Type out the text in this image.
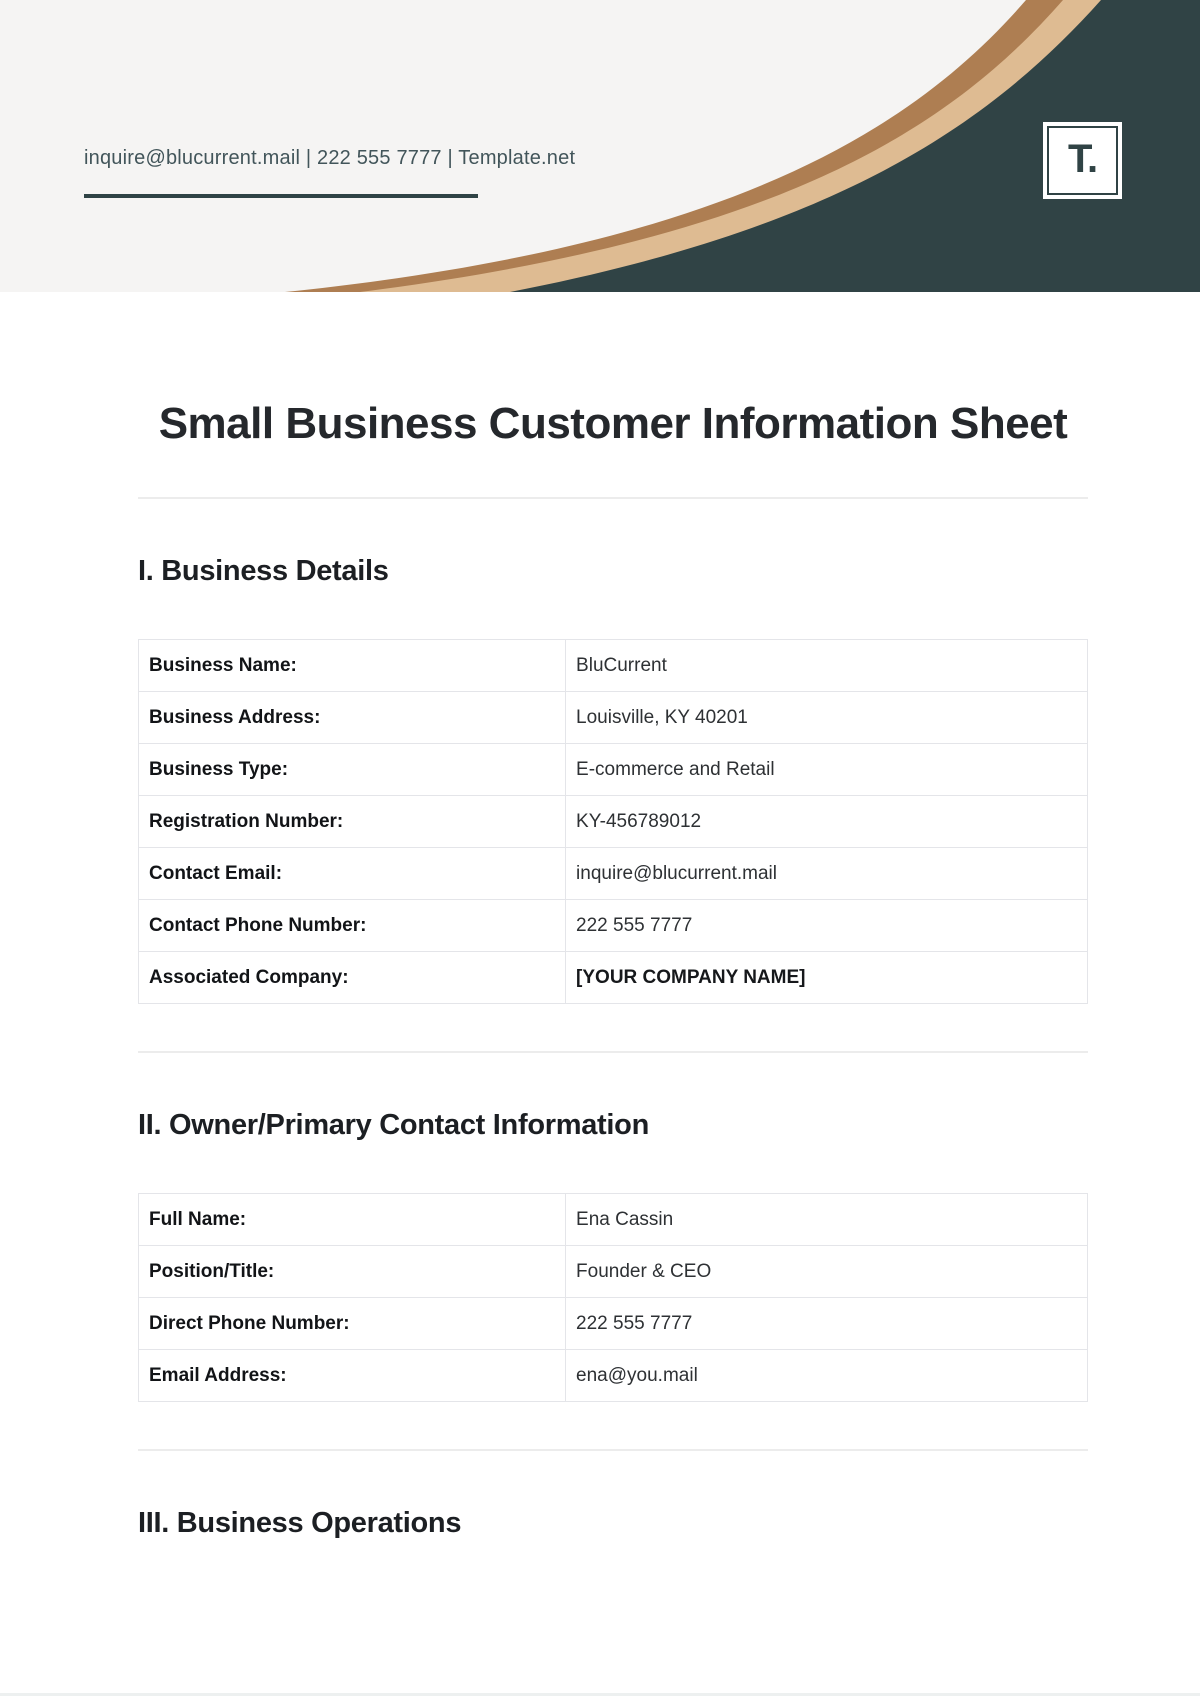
inquire@blucurrent.mail | 222 555 7777 | Template.net	T.
Small Business Customer Information Sheet
I. Business Details
Business Name:	BluCurrent
Business Address:	Louisville, KY 40201
Business Type:	E-commerce and Retail
Registration Number:	KY-456789012
Contact Email:	inquire@blucurrent.mail
Contact Phone Number:	222 555 7777
Associated Company:	[YOUR COMPANY NAME]
II. Owner/Primary Contact Information
Full Name:	Ena Cassin
Position/Title:	Founder & CEO
Direct Phone Number:	222 555 7777
Email Address:	ena@you.mail
III. Business Operations
